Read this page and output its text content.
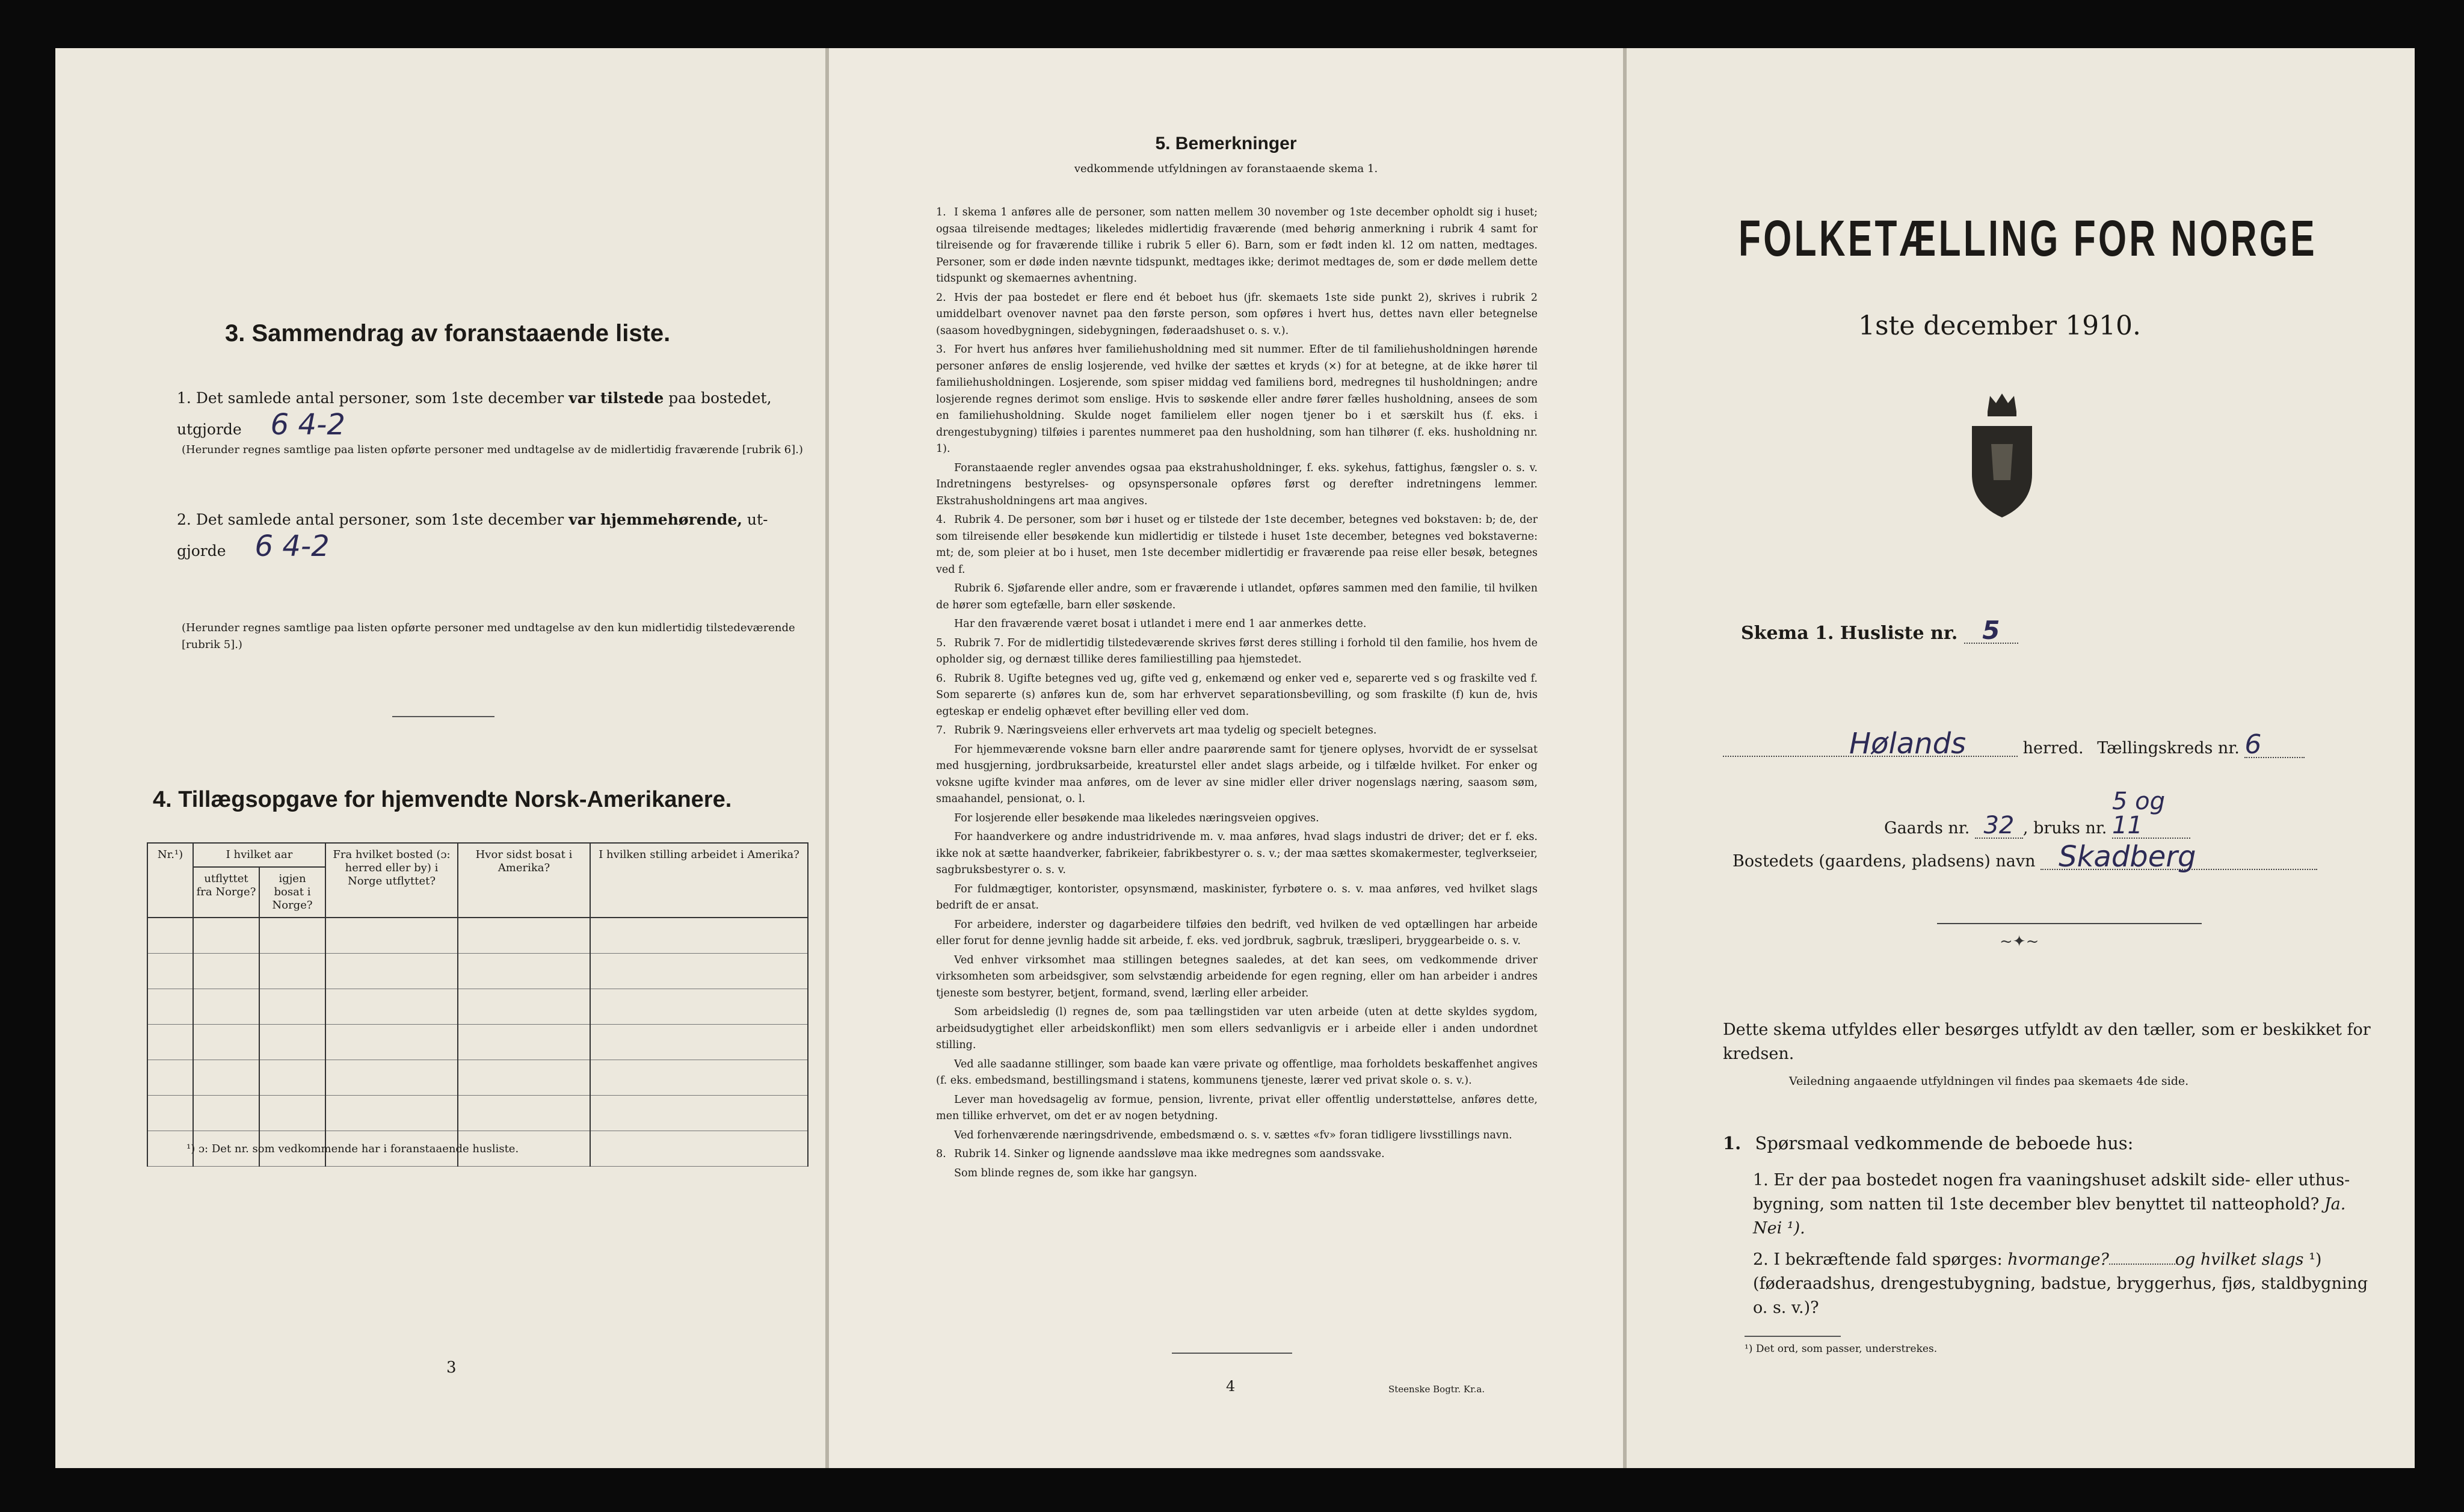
3. Sammendrag av foranstaaende liste.
1. Det samlede antal personer, som 1ste december var tilstede paa bostedet,
utgjorde 6 4-2
(Herunder regnes samtlige paa listen opførte personer med undtagelse av de midlertidig fraværende [rubrik 6].)
2. Det samlede antal personer, som 1ste december var hjemmehørende, ut-
gjorde 6 4-2
(Herunder regnes samtlige paa listen opførte personer med undtagelse av den kun midlertidig tilstedeværende [rubrik 5].)
4. Tillægsopgave for hjemvendte Norsk-Amerikanere.
Nr.¹)	I hvilket aar		Fra hvilket bosted (ɔ: herred eller by) i Norge utflyttet?	Hvor sidst bosat i Amerika?	I hvilken stilling arbeidet i Amerika?
	utflyttet fra Norge?	igjen bosat i Norge?			

¹) ɔ: Det nr. som vedkommende har i foranstaaende husliste.
3
5. Bemerkninger
vedkommende utfyldningen av foranstaaende skema 1.

1. I skema 1 anføres alle de personer, som natten mellem 30 november og 1ste december opholdt sig i huset; ogsaa tilreisende medtages; likeledes midlertidig fraværende (med behørig anmerkning i rubrik 4 samt for tilreisende og for fraværende tillike i rubrik 5 eller 6). Barn, som er født inden kl. 12 om natten, medtages. Personer, som er døde inden nævnte tidspunkt, medtages ikke; derimot medtages de, som er døde mellem dette tidspunkt og skemaernes avhentning.

2. Hvis der paa bostedet er flere end ét beboet hus (jfr. skemaets 1ste side punkt 2), skrives i rubrik 2 umiddelbart ovenover navnet paa den første person, som opføres i hvert hus, dettes navn eller betegnelse (saasom hovedbygningen, sidebygningen, føderaadshuset o. s. v.).

3. For hvert hus anføres hver familiehusholdning med sit nummer. Efter de til familiehusholdningen hørende personer anføres de enslig losjerende, ved hvilke der sættes et kryds (×) for at betegne, at de ikke hører til familiehusholdningen. Losjerende, som spiser middag ved familiens bord, medregnes til husholdningen; andre losjerende regnes derimot som enslige. Hvis to søskende eller andre fører fælles husholdning, ansees de som en familiehusholdning. Skulde noget familielem eller nogen tjener bo i et særskilt hus (f. eks. i drengestubygning) tilføies i parentes nummeret paa den husholdning, som han tilhører (f. eks. husholdning nr. 1).

Foranstaaende regler anvendes ogsaa paa ekstrahusholdninger, f. eks. sykehus, fattighus, fængsler o. s. v. Indretningens bestyrelses- og opsynspersonale opføres først og derefter indretningens lemmer. Ekstrahusholdningens art maa angives.

4. Rubrik 4. De personer, som bør i huset og er tilstede der 1ste december, betegnes ved bokstaven: b; de, der som tilreisende eller besøkende kun midlertidig er tilstede i huset 1ste december, betegnes ved bokstaverne: mt; de, som pleier at bo i huset, men 1ste december midlertidig er fraværende paa reise eller besøk, betegnes ved f.

Rubrik 6. Sjøfarende eller andre, som er fraværende i utlandet, opføres sammen med den familie, til hvilken de hører som egtefælle, barn eller søskende.

Har den fraværende været bosat i utlandet i mere end 1 aar anmerkes dette.

5. Rubrik 7. For de midlertidig tilstedeværende skrives først deres stilling i forhold til den familie, hos hvem de opholder sig, og dernæst tillike deres familiestilling paa hjemstedet.

6. Rubrik 8. Ugifte betegnes ved ug, gifte ved g, enkemænd og enker ved e, separerte ved s og fraskilte ved f. Som separerte (s) anføres kun de, som har erhvervet separationsbevilling, og som fraskilte (f) kun de, hvis egteskap er endelig ophævet efter bevilling eller ved dom.

7. Rubrik 9. Næringsveiens eller erhvervets art maa tydelig og specielt betegnes.

For hjemmeværende voksne barn eller andre paarørende samt for tjenere oplyses, hvorvidt de er sysselsat med husgjerning, jordbruksarbeide, kreaturstel eller andet slags arbeide, og i tilfælde hvilket. For enker og voksne ugifte kvinder maa anføres, om de lever av sine midler eller driver nogenslags næring, saasom søm, smaahandel, pensionat, o. l.

For losjerende eller besøkende maa likeledes næringsveien opgives.

For haandverkere og andre industridrivende m. v. maa anføres, hvad slags industri de driver; det er f. eks. ikke nok at sætte haandverker, fabrikeier, fabrikbestyrer o. s. v.; der maa sættes skomakermester, teglverkseier, sagbruksbestyrer o. s. v.

For fuldmægtiger, kontorister, opsynsmænd, maskinister, fyrbøtere o. s. v. maa anføres, ved hvilket slags bedrift de er ansat.

For arbeidere, inderster og dagarbeidere tilføies den bedrift, ved hvilken de ved optællingen har arbeide eller forut for denne jevnlig hadde sit arbeide, f. eks. ved jordbruk, sagbruk, træsliperi, bryggearbeide o. s. v.

Ved enhver virksomhet maa stillingen betegnes saaledes, at det kan sees, om vedkommende driver virksomheten som arbeidsgiver, som selvstændig arbeidende for egen regning, eller om han arbeider i andres tjeneste som bestyrer, betjent, formand, svend, lærling eller arbeider.

Som arbeidsledig (l) regnes de, som paa tællingstiden var uten arbeide (uten at dette skyldes sygdom, arbeidsudygtighet eller arbeidskonflikt) men som ellers sedvanligvis er i arbeide eller i anden undordnet stilling.

Ved alle saadanne stillinger, som baade kan være private og offentlige, maa forholdets beskaffenhet angives (f. eks. embedsmand, bestillingsmand i statens, kommunens tjeneste, lærer ved privat skole o. s. v.).

Lever man hovedsagelig av formue, pension, livrente, privat eller offentlig understøttelse, anføres dette, men tillike erhvervet, om det er av nogen betydning.

Ved forhenværende næringsdrivende, embedsmænd o. s. v. sættes «fv» foran tidligere livsstillings navn.

8. Rubrik 14. Sinker og lignende aandssløve maa ikke medregnes som aandssvake.

Som blinde regnes de, som ikke har gangsyn.

4	Steenske Bogtr. Kr.a.
FOLKETÆLLING FOR NORGE
1ste december 1910.
Skema 1. Husliste nr. 5
Hølands	herred. Tællingskreds nr. 6
Gaards nr. 32 , bruks nr. 5 og 11
Bostedets (gaardens, pladsens) navn Skadberg
~✦~
Dette skema utfyldes eller besørges utfyldt av den tæller, som er beskikket for kredsen.
Veiledning angaaende utfyldningen vil findes paa skemaets 4de side.
1. Spørsmaal vedkommende de beboede hus:
1. Er der paa bostedet nogen fra vaaningshuset adskilt side- eller uthus-bygning, som natten til 1ste december blev benyttet til natteophold? Ja. Nei ¹).
2. I bekræftende fald spørges: hvormange?	og hvilket slags ¹) (føderaadshus, drengestubygning, badstue, bryggerhus, fjøs, staldbygning o. s. v.)?
¹) Det ord, som passer, understrekes.
